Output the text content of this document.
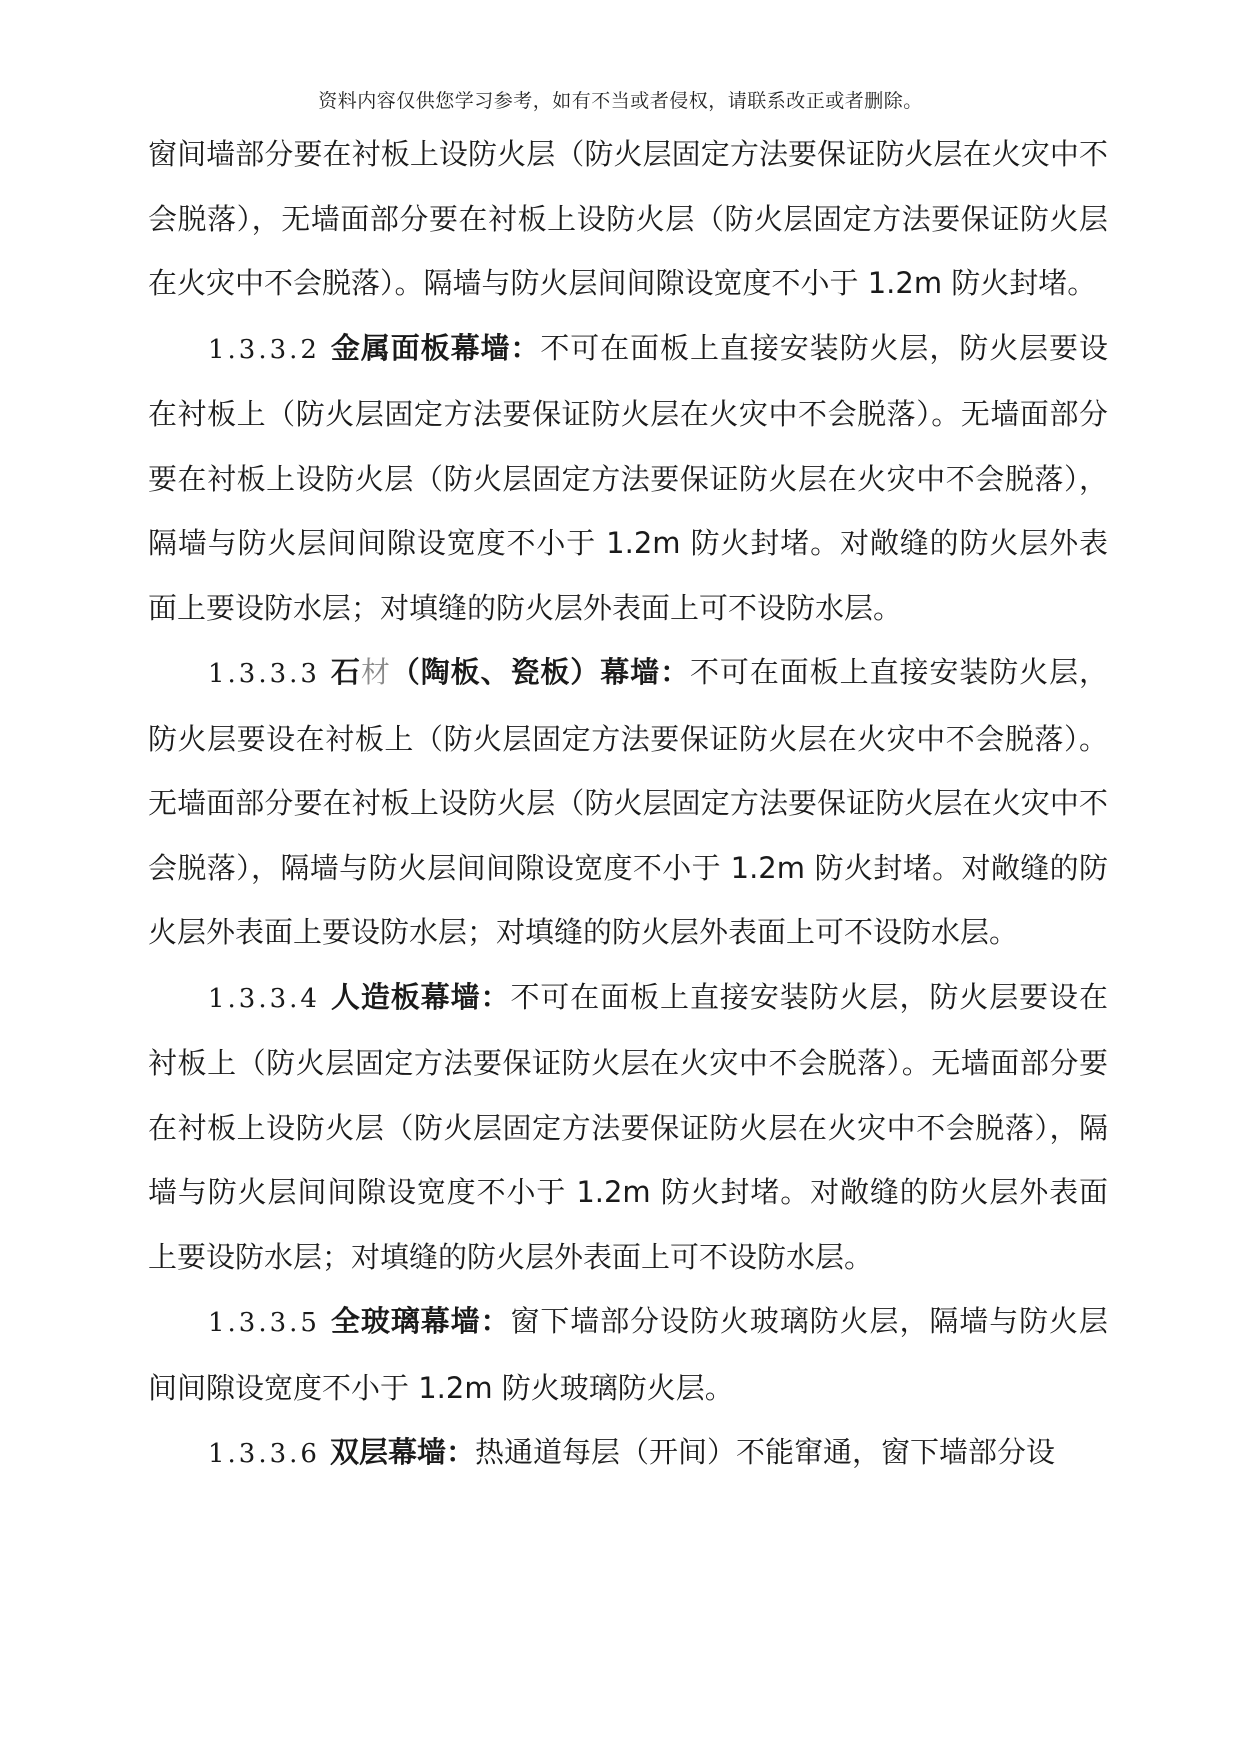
资料内容仅供您学习参考，如有不当或者侵权，请联系改正或者删除。

窗间墙部分要在衬板上设防火层（防火层固定方法要保证防火层在火灾中不会脱落），无墙面部分要在衬板上设防火层（防火层固定方法要保证防火层在火灾中不会脱落）。隔墙与防火层间间隙设宽度不小于 1.2m 防火封堵。

1.3.3.2 金属面板幕墙：不可在面板上直接安装防火层，防火层要设在衬板上（防火层固定方法要保证防火层在火灾中不会脱落）。无墙面部分要在衬板上设防火层（防火层固定方法要保证防火层在火灾中不会脱落），隔墙与防火层间间隙设宽度不小于 1.2m 防火封堵。对敞缝的防火层外表面上要设防水层；对填缝的防火层外表面上可不设防水层。

1.3.3.3 石材（陶板、瓷板）幕墙：不可在面板上直接安装防火层，防火层要设在衬板上（防火层固定方法要保证防火层在火灾中不会脱落）。无墙面部分要在衬板上设防火层（防火层固定方法要保证防火层在火灾中不会脱落），隔墙与防火层间间隙设宽度不小于 1.2m 防火封堵。对敞缝的防火层外表面上要设防水层；对填缝的防火层外表面上可不设防水层。

1.3.3.4 人造板幕墙：不可在面板上直接安装防火层，防火层要设在衬板上（防火层固定方法要保证防火层在火灾中不会脱落）。无墙面部分要在衬板上设防火层（防火层固定方法要保证防火层在火灾中不会脱落），隔墙与防火层间间隙设宽度不小于 1.2m 防火封堵。对敞缝的防火层外表面上要设防水层；对填缝的防火层外表面上可不设防水层。

1.3.3.5 全玻璃幕墙：窗下墙部分设防火玻璃防火层，隔墙与防火层间间隙设宽度不小于 1.2m 防火玻璃防火层。

1.3.3.6 双层幕墙：热通道每层（开间）不能窜通，窗下墙部分设
